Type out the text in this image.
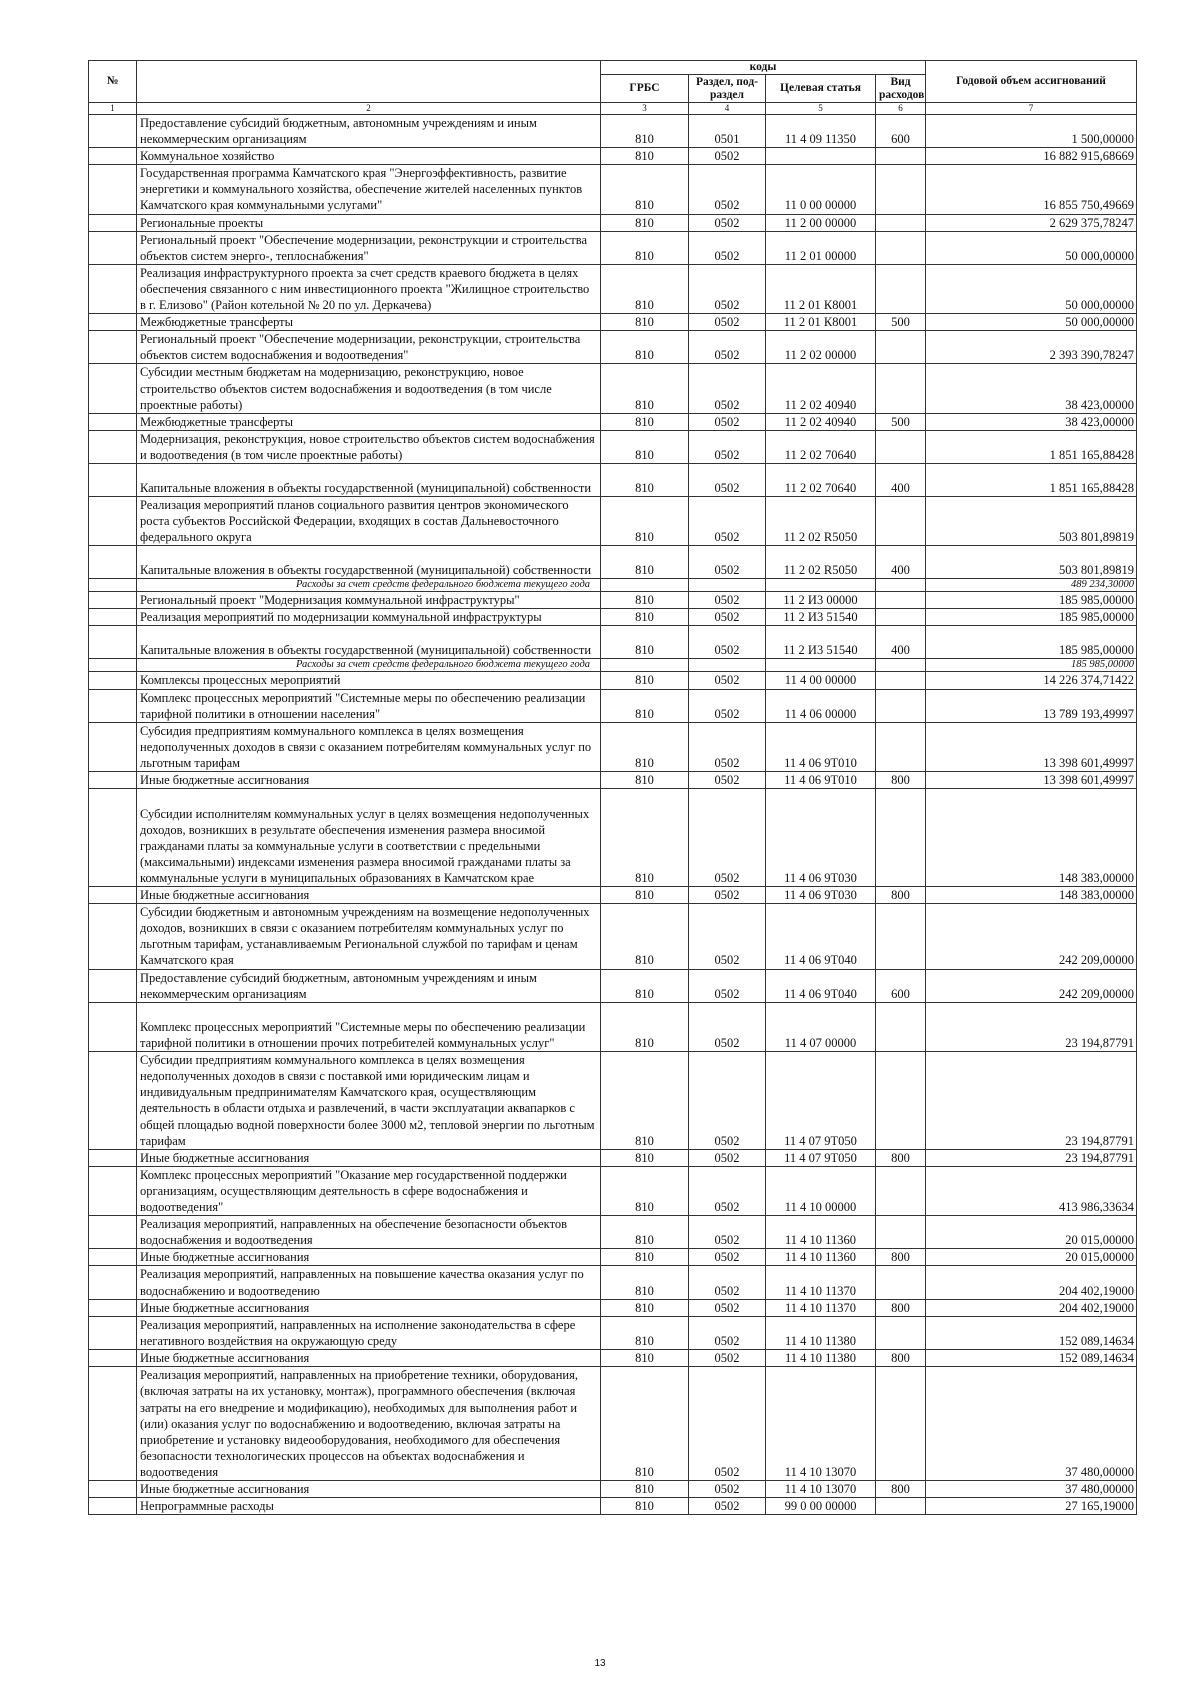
№		коды				Годовой объем ассигнований
		ГРБС	Раздел, под-раздел	Целевая статья	Вид расходов	
1	2	3	4	5	6	7
	Предоставление субсидий бюджетным, автономным учреждениям и иным некоммерческим организациям	810	0501	11 4 09 11350	600	1 500,00000
	Коммунальное хозяйство	810	0502			16 882 915,68669
	Государственная программа Камчатского края "Энергоэффективность, развитие энергетики и коммунального хозяйства, обеспечение жителей населенных пунктов Камчатского края коммунальными услугами"	810	0502	11 0 00 00000		16 855 750,49669
	Региональные проекты	810	0502	11 2 00 00000		2 629 375,78247
	Региональный проект "Обеспечение модернизации, реконструкции и строительства объектов систем энерго-, теплоснабжения"	810	0502	11 2 01 00000		50 000,00000
	Реализация инфраструктурного проекта за счет средств краевого бюджета в целях обеспечения связанного с ним инвестиционного проекта "Жилищное строительство в г. Елизово" (Район котельной № 20 по ул. Деркачева)	810	0502	11 2 01 К8001		50 000,00000
	Межбюджетные трансферты	810	0502	11 2 01 К8001	500	50 000,00000
	Региональный проект "Обеспечение модернизации, реконструкции, строительства объектов систем водоснабжения и водоотведения"	810	0502	11 2 02 00000		2 393 390,78247
	Субсидии местным бюджетам на модернизацию, реконструкцию, новое строительство объектов систем водоснабжения и водоотведения (в том числе проектные работы)	810	0502	11 2 02 40940		38 423,00000
	Межбюджетные трансферты	810	0502	11 2 02 40940	500	38 423,00000
	Модернизация, реконструкция, новое строительство объектов систем водоснабжения и водоотведения (в том числе проектные работы)	810	0502	11 2 02 70640		1 851 165,88428
	Капитальные вложения в объекты государственной (муниципальной) собственности	810	0502	11 2 02 70640	400	1 851 165,88428
	Реализация мероприятий планов социального развития центров экономического роста субъектов Российской Федерации, входящих в состав Дальневосточного федерального округа	810	0502	11 2 02 R5050		503 801,89819
	Капитальные вложения в объекты государственной (муниципальной) собственности	810	0502	11 2 02 R5050	400	503 801,89819
	Расходы за счет средств федерального бюджета текущего года					489 234,30000
	Региональный проект "Модернизация коммунальной инфраструктуры"	810	0502	11 2 И3 00000		185 985,00000
	Реализация мероприятий по модернизации коммунальной инфраструктуры	810	0502	11 2 И3 51540		185 985,00000
	Капитальные вложения в объекты государственной (муниципальной) собственности	810	0502	11 2 И3 51540	400	185 985,00000
	Расходы за счет средств федерального бюджета текущего года					185 985,00000
	Комплексы процессных мероприятий	810	0502	11 4 00 00000		14 226 374,71422
	Комплекс процессных мероприятий "Системные меры по обеспечению реализации тарифной политики в отношении населения"	810	0502	11 4 06 00000		13 789 193,49997
	Субсидия предприятиям коммунального комплекса в целях возмещения недополученных доходов в связи с оказанием потребителям коммунальных услуг по льготным тарифам	810	0502	11 4 06 9Т010		13 398 601,49997
	Иные бюджетные ассигнования	810	0502	11 4 06 9Т010	800	13 398 601,49997
	Субсидии исполнителям коммунальных услуг в целях возмещения недополученных доходов, возникших в результате обеспечения изменения размера вносимой гражданами платы за коммунальные услуги в соответствии с предельными (максимальными) индексами изменения размера вносимой гражданами платы за коммунальные услуги в муниципальных образованиях в Камчатском крае	810	0502	11 4 06 9Т030		148 383,00000
	Иные бюджетные ассигнования	810	0502	11 4 06 9Т030	800	148 383,00000
	Субсидии бюджетным и автономным учреждениям на возмещение недополученных доходов, возникших в связи с оказанием потребителям коммунальных услуг по льготным тарифам, устанавливаемым Региональной службой по тарифам и ценам Камчатского края	810	0502	11 4 06 9Т040		242 209,00000
	Предоставление субсидий бюджетным, автономным учреждениям и иным некоммерческим организациям	810	0502	11 4 06 9Т040	600	242 209,00000
	Комплекс процессных мероприятий "Системные меры по обеспечению реализации тарифной политики в отношении прочих потребителей коммунальных услуг"	810	0502	11 4 07 00000		23 194,87791
	Субсидии предприятиям коммунального комплекса в целях возмещения недополученных доходов в связи с поставкой ими юридическим лицам и индивидуальным предпринимателям Камчатского края, осуществляющим деятельность в области отдыха и развлечений, в части эксплуатации аквапарков с общей площадью водной поверхности более 3000 м2, тепловой энергии по льготным тарифам	810	0502	11 4 07 9Т050		23 194,87791
	Иные бюджетные ассигнования	810	0502	11 4 07 9Т050	800	23 194,87791
	Комплекс процессных мероприятий "Оказание мер государственной поддержки организациям, осуществляющим деятельность в сфере водоснабжения и водоотведения"	810	0502	11 4 10 00000		413 986,33634
	Реализация мероприятий, направленных на обеспечение безопасности объектов водоснабжения и водоотведения	810	0502	11 4 10 11360		20 015,00000
	Иные бюджетные ассигнования	810	0502	11 4 10 11360	800	20 015,00000
	Реализация мероприятий, направленных на повышение качества оказания услуг по водоснабжению и водоотведению	810	0502	11 4 10 11370		204 402,19000
	Иные бюджетные ассигнования	810	0502	11 4 10 11370	800	204 402,19000
	Реализация мероприятий, направленных на исполнение законодательства в сфере негативного воздействия на окружающую среду	810	0502	11 4 10 11380		152 089,14634
	Иные бюджетные ассигнования	810	0502	11 4 10 11380	800	152 089,14634
	Реализация мероприятий, направленных на приобретение техники, оборудования, (включая затраты на их установку, монтаж), программного обеспечения (включая затраты на его внедрение и модификацию), необходимых для выполнения работ и (или) оказания услуг по водоснабжению и водоотведению, включая затраты на приобретение и установку видеооборудования, необходимого для обеспечения безопасности технологических процессов на объектах водоснабжения и водоотведения	810	0502	11 4 10 13070		37 480,00000
	Иные бюджетные ассигнования	810	0502	11 4 10 13070	800	37 480,00000
	Непрограммные расходы	810	0502	99 0 00 00000		27 165,19000
13
